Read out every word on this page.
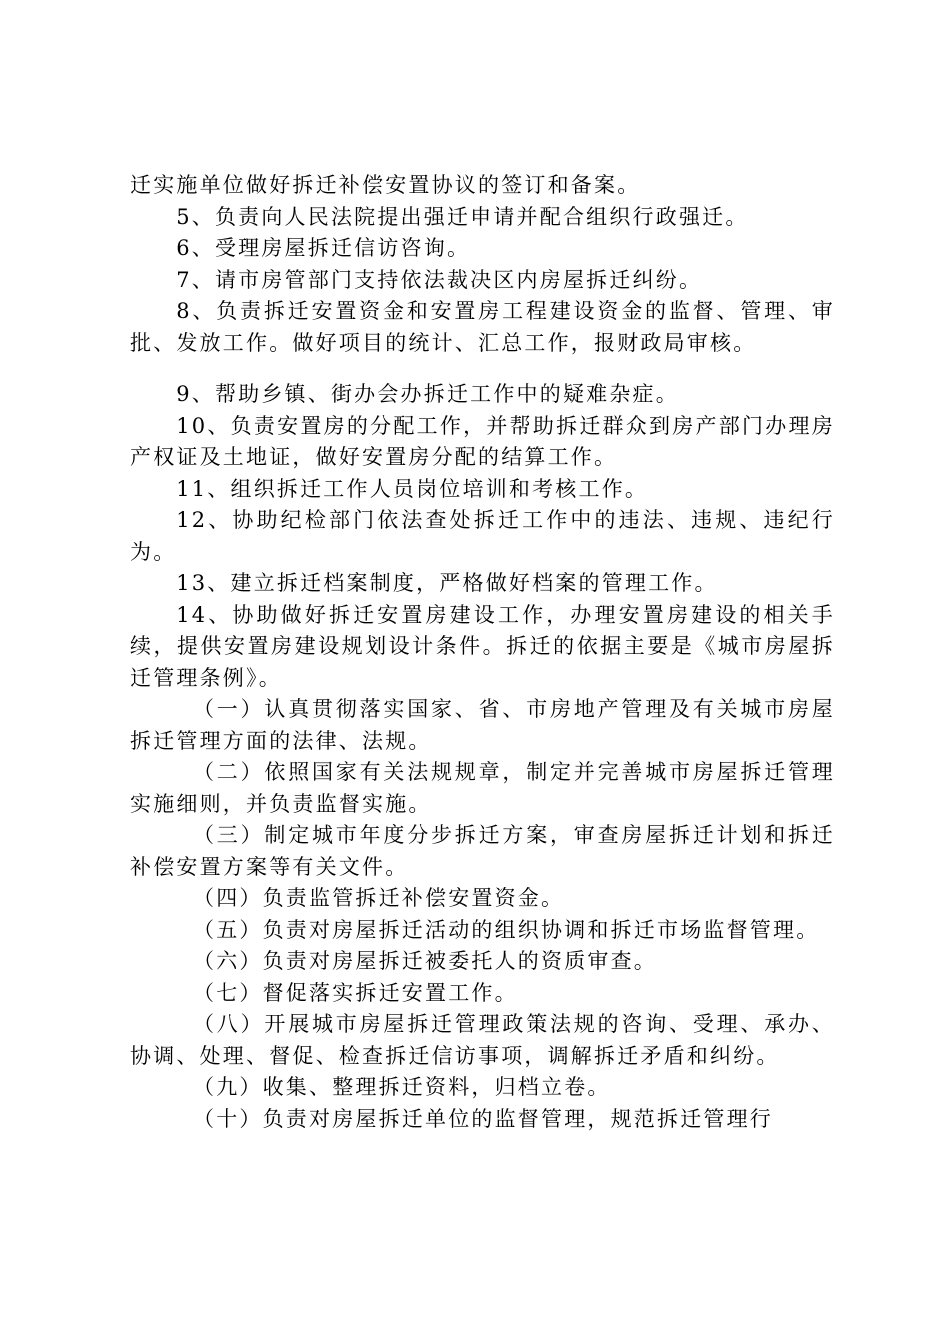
迁实施单位做好拆迁补偿安置协议的签订和备案。

5、负责向人民法院提出强迁申请并配合组织行政强迁。

6、受理房屋拆迁信访咨询。

7、请市房管部门支持依法裁决区内房屋拆迁纠纷。

8、负责拆迁安置资金和安置房工程建设资金的监督、管理、审批、发放工作。做好项目的统计、汇总工作，报财政局审核。

9、帮助乡镇、街办会办拆迁工作中的疑难杂症。

10、负责安置房的分配工作，并帮助拆迁群众到房产部门办理房产权证及土地证，做好安置房分配的结算工作。

11、组织拆迁工作人员岗位培训和考核工作。

12、协助纪检部门依法查处拆迁工作中的违法、违规、违纪行为。

13、建立拆迁档案制度，严格做好档案的管理工作。

14、协助做好拆迁安置房建设工作，办理安置房建设的相关手续，提供安置房建设规划设计条件。拆迁的依据主要是《城市房屋拆迁管理条例》。

（一）认真贯彻落实国家、省、市房地产管理及有关城市房屋拆迁管理方面的法律、法规。

（二）依照国家有关法规规章，制定并完善城市房屋拆迁管理实施细则，并负责监督实施。

（三）制定城市年度分步拆迁方案，审查房屋拆迁计划和拆迁补偿安置方案等有关文件。

（四）负责监管拆迁补偿安置资金。

（五）负责对房屋拆迁活动的组织协调和拆迁市场监督管理。

（六）负责对房屋拆迁被委托人的资质审查。

（七）督促落实拆迁安置工作。

（八）开展城市房屋拆迁管理政策法规的咨询、受理、承办、协调、处理、督促、检查拆迁信访事项，调解拆迁矛盾和纠纷。

（九）收集、整理拆迁资料，归档立卷。

（十）负责对房屋拆迁单位的监督管理，规范拆迁管理行
